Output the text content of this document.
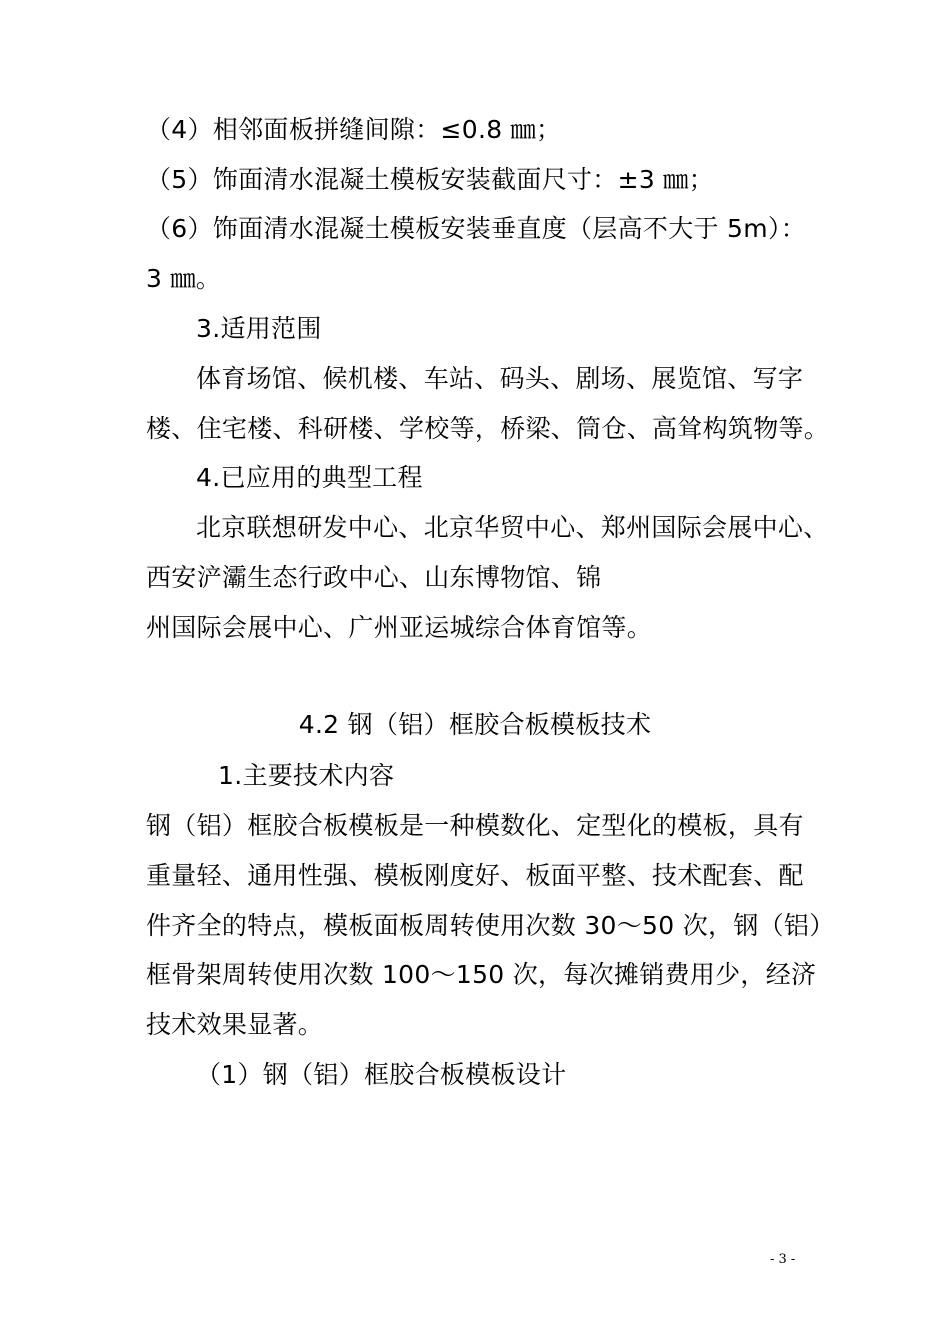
（4）相邻面板拼缝间隙：≤0.8 ㎜；
（5）饰面清水混凝土模板安装截面尺寸：±3 ㎜；
（6）饰面清水混凝土模板安装垂直度（层高不大于 5m）：
3 ㎜。
3.适用范围
体育场馆、候机楼、车站、码头、剧场、展览馆、写字
楼、住宅楼、科研楼、学校等，桥梁、筒仓、高耸构筑物等。
4.已应用的典型工程
北京联想研发中心、北京华贸中心、郑州国际会展中心、
西安浐灞生态行政中心、山东博物馆、锦
州国际会展中心、广州亚运城综合体育馆等。
4.2 钢（铝）框胶合板模板技术
1.主要技术内容
钢（铝）框胶合板模板是一种模数化、定型化的模板，具有
重量轻、通用性强、模板刚度好、板面平整、技术配套、配
件齐全的特点，模板面板周转使用次数 30～50 次，钢（铝）
框骨架周转使用次数 100～150 次，每次摊销费用少，经济
技术效果显著。
（1）钢（铝）框胶合板模板设计
- 3 -
